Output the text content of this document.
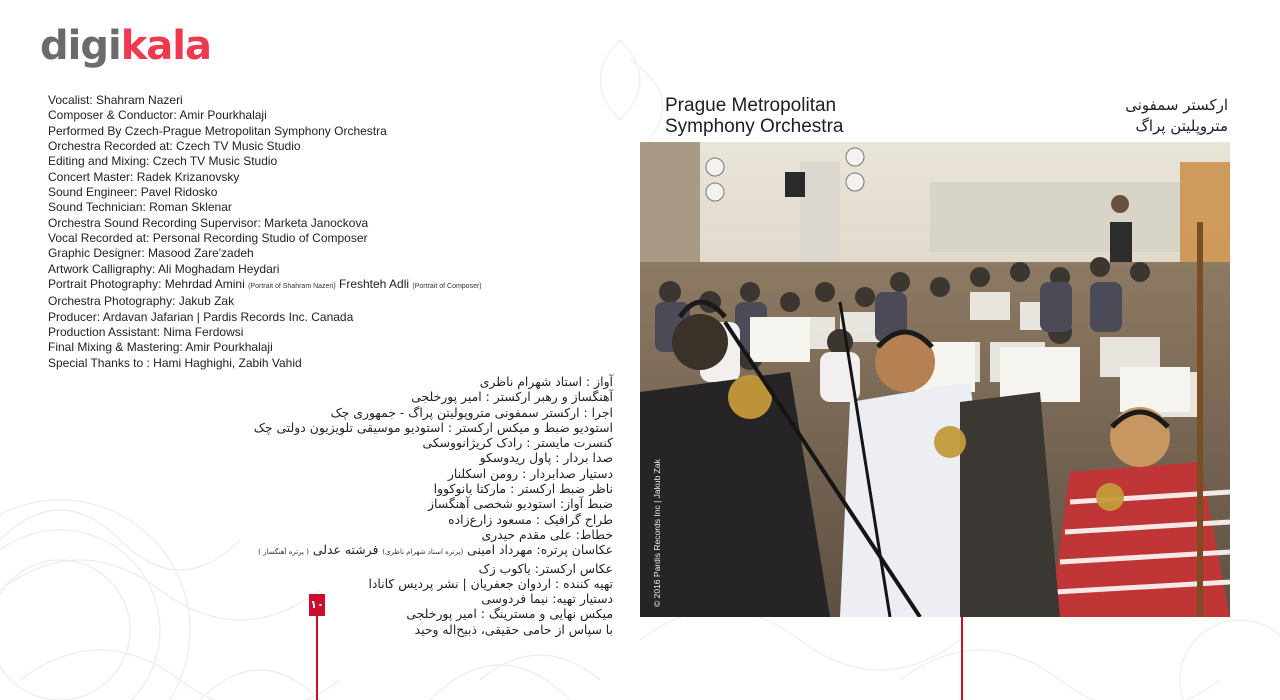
digikala
Vocalist: Shahram Nazeri
Composer & Conductor: Amir Pourkhalaji
Performed By Czech-Prague Metropolitan Symphony Orchestra
Orchestra Recorded at: Czech TV Music Studio
Editing and Mixing: Czech TV Music Studio
Concert Master: Radek Krizanovsky
Sound Engineer: Pavel Ridosko
Sound Technician: Roman Sklenar
Orchestra Sound Recording Supervisor: Marketa Janockova
Vocal Recorded at: Personal Recording Studio of Composer
Graphic Designer: Masood Zare'zadeh
Artwork Calligraphy: Ali Moghadam Heydari
Portrait Photography: Mehrdad Amini (Portrait of Shahram Nazeri) Freshteh Adli (Portrait of Composer)
Orchestra Photography: Jakub Zak
Producer: Ardavan Jafarian | Pardis Records Inc. Canada
Production Assistant: Nima Ferdowsi
Final Mixing & Mastering: Amir Pourkhalaji
Special Thanks to : Hami Haghighi, Zabih Vahid
آواز : استاد شهرام ناظری
آهنگساز و رهبر ارکستر : امیر پورخلجی
اجرا : ارکستر سمفونی متروپولیتن پراگ - جمهوری چک
استودیو ضبط و میکس ارکستر : استودیو موسیقی تلویزیون دولتی چک
کنسرت مایستر : رادک کریژانووسکی
صدا بردار : پاول ریدوسکو
دستیار صدابردار : رومن اسکلنار
ناظر ضبط ارکستر : مارکتا یانوکووا
ضبط آواز: استودیو شخصی آهنگساز
طراح گرافیک : مسعود زارع‌زاده
خطاط: علی مقدم حیدری
عکاسان پرتره: مهرداد امینی (پرتره استاد شهرام ناظری) فرشته عدلی ( پرتره آهنگساز )
عکاس ارکستر: یاکوب زک
تهیه کننده : اردوان جعفریان | نشر پردیس کانادا
دستیار تهیه: نیما فردوسی
میکس نهایی و مسترینگ : امیر پورخلجی
با سپاس از حامی حقیقی، ذبیح‌اله وحید
۱۰
Prague Metropolitan
Symphony Orchestra
ارکستر سمفونی
متروپلیتن پراگ
© 2016 Pardis Records Inc | Jakub Zak
